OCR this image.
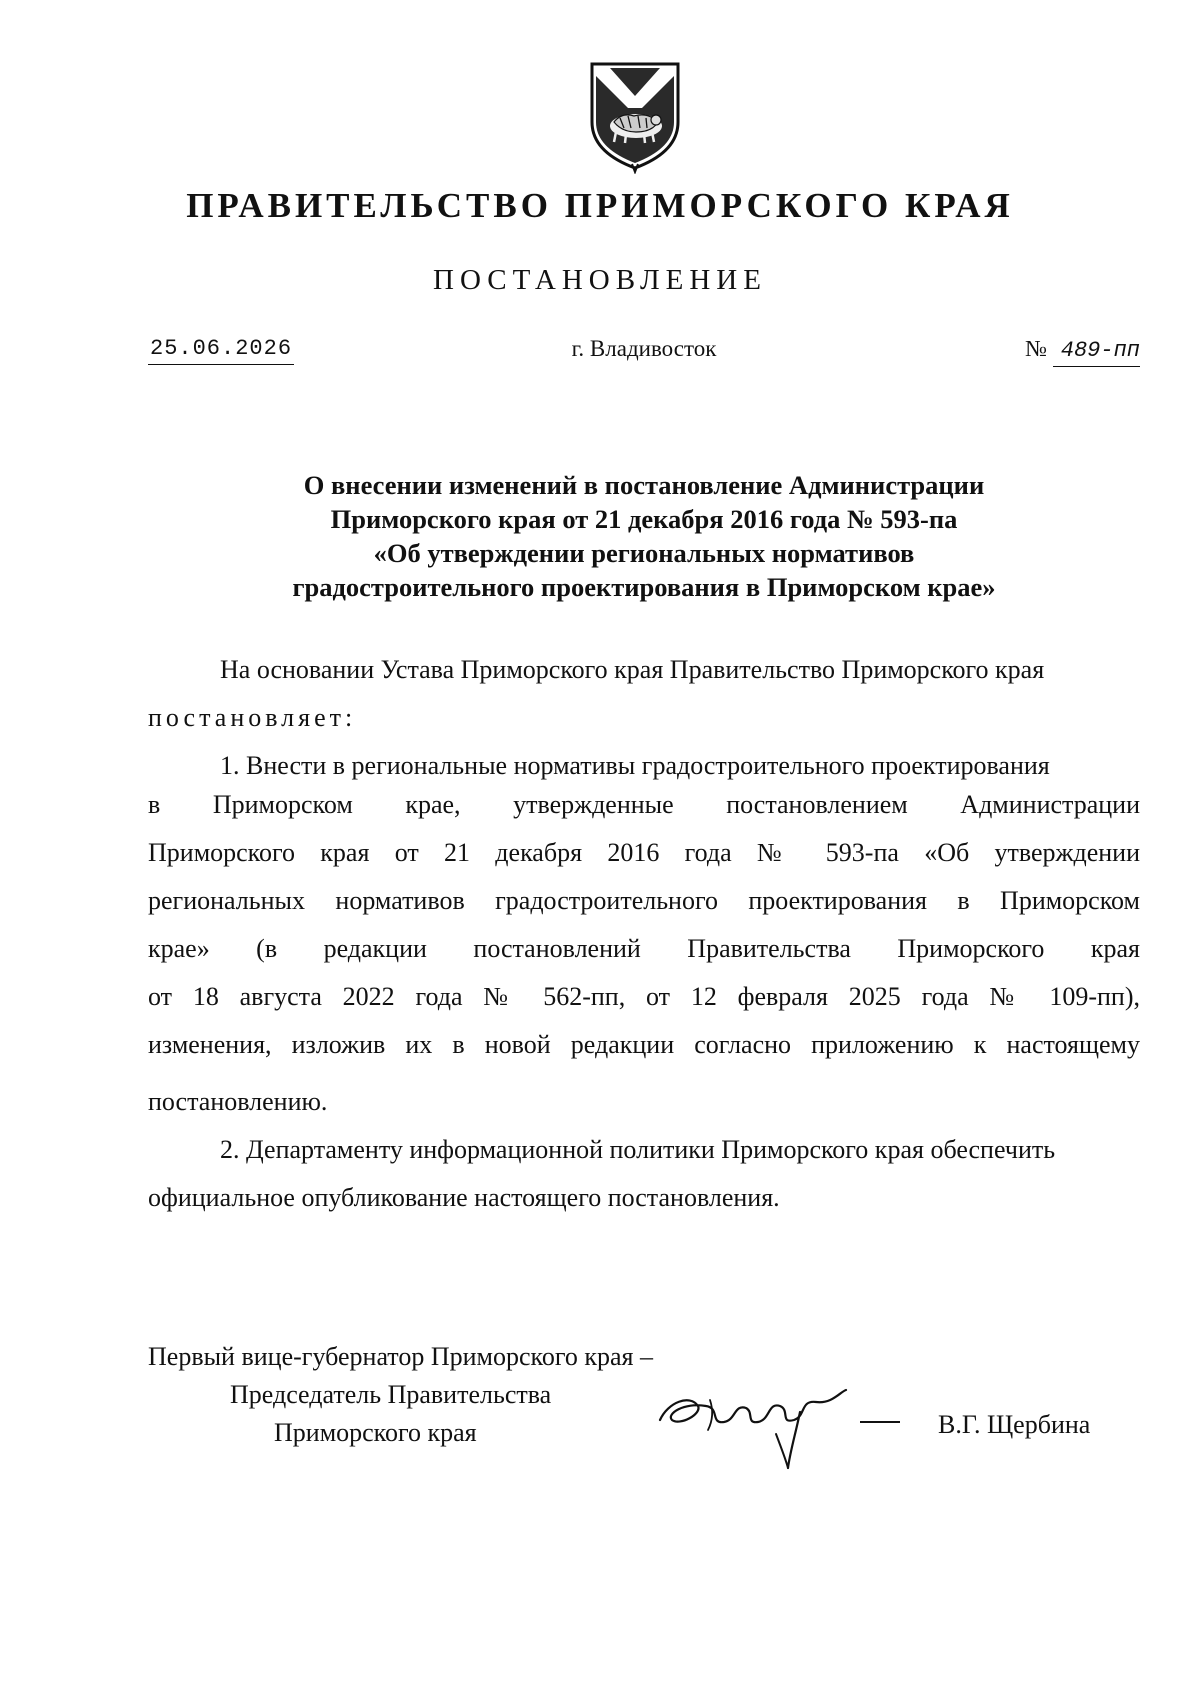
ПРАВИТЕЛЬСТВО ПРИМОРСКОГО КРАЯ
ПОСТАНОВЛЕНИЕ
25.06.2026	г. Владивосток	№ 489-пп
О внесении изменений в постановление Администрации
Приморского края от 21 декабря 2016 года № 593-па
«Об утверждении региональных нормативов
градостроительного проектирования в Приморском крае»
На основании Устава Приморского края Правительство Приморского края
постановляет:
1. Внести в региональные нормативы градостроительного проектирования
в Приморском крае, утвержденные постановлением Администрации
Приморского края от 21 декабря 2016 года № 593-па «Об утверждении
региональных нормативов градостроительного проектирования в Приморском
крае» (в редакции постановлений Правительства Приморского края
от 18 августа 2022 года № 562-пп, от 12 февраля 2025 года № 109-пп),
изменения, изложив их в новой редакции согласно приложению к настоящему
постановлению.
2. Департаменту информационной политики Приморского края обеспечить
официальное опубликование настоящего постановления.
Первый вице-губернатор Приморского края –
Председатель Правительства
Приморского края	В.Г. Щербина
